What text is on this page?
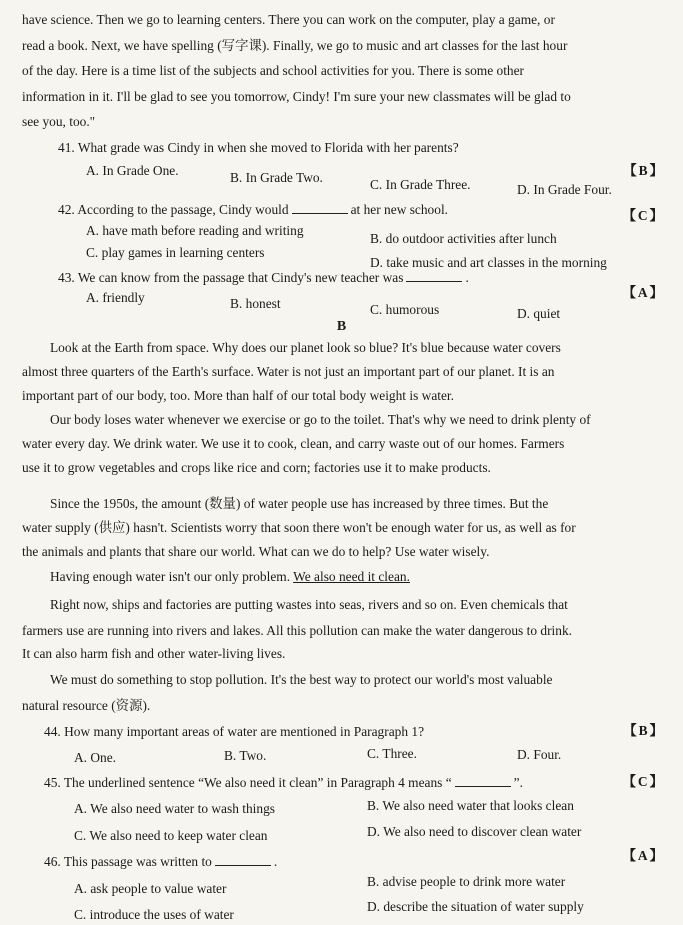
have science. Then we go to learning centers. There you can work on the computer, play a game, or
read a book. Next, we have spelling (写字课). Finally, we go to music and art classes for the last hour
of the day. Here is a time list of the subjects and school activities for you. There is some other
information in it. I'll be glad to see you tomorrow, Cindy! I'm sure your new classmates will be glad to
see you, too."
41. What grade was Cindy in when she moved to Florida with her parents?
【B】
A. In Grade One.	B. In Grade Two.	C. In Grade Three.	D. In Grade Four.
42. According to the passage, Cindy would	at her new school.	【C】
A. have math before reading and writing
B. do outdoor activities after lunch
C. play games in learning centers
D. take music and art classes in the morning
43. We can know from the passage that Cindy's new teacher was	.
【A】
A. friendly	B. honest	C. humorous	D. quiet
B
Look at the Earth from space. Why does our planet look so blue? It's blue because water covers
almost three quarters of the Earth's surface. Water is not just an important part of our planet. It is an
important part of our body, too. More than half of our total body weight is water.
Our body loses water whenever we exercise or go to the toilet. That's why we need to drink plenty of
water every day. We drink water. We use it to cook, clean, and carry waste out of our homes. Farmers
use it to grow vegetables and crops like rice and corn; factories use it to make products.
Since the 1950s, the amount (数量) of water people use has increased by three times. But the
water supply (供应) hasn't. Scientists worry that soon there won't be enough water for us, as well as for
the animals and plants that share our world. What can we do to help? Use water wisely.
Having enough water isn't our only problem. We also need it clean.
Right now, ships and factories are putting wastes into seas, rivers and so on. Even chemicals that
farmers use are running into rivers and lakes. All this pollution can make the water dangerous to drink.
It can also harm fish and other water-living lives.
We must do something to stop pollution. It's the best way to protect our world's most valuable
natural resource (资源).
44. How many important areas of water are mentioned in Paragraph 1?	【B】
A. One.	B. Two.	C. Three.	D. Four.
45. The underlined sentence “We also need it clean” in Paragraph 4 means “	”.	【C】
A. We also need water to wash things	B. We also need water that looks clean
C. We also need to keep water clean	D. We also need to discover clean water
46. This passage was written to	.	【A】
A. ask people to value water	B. advise people to drink more water
C. introduce the uses of water
D. describe the situation of water supply
